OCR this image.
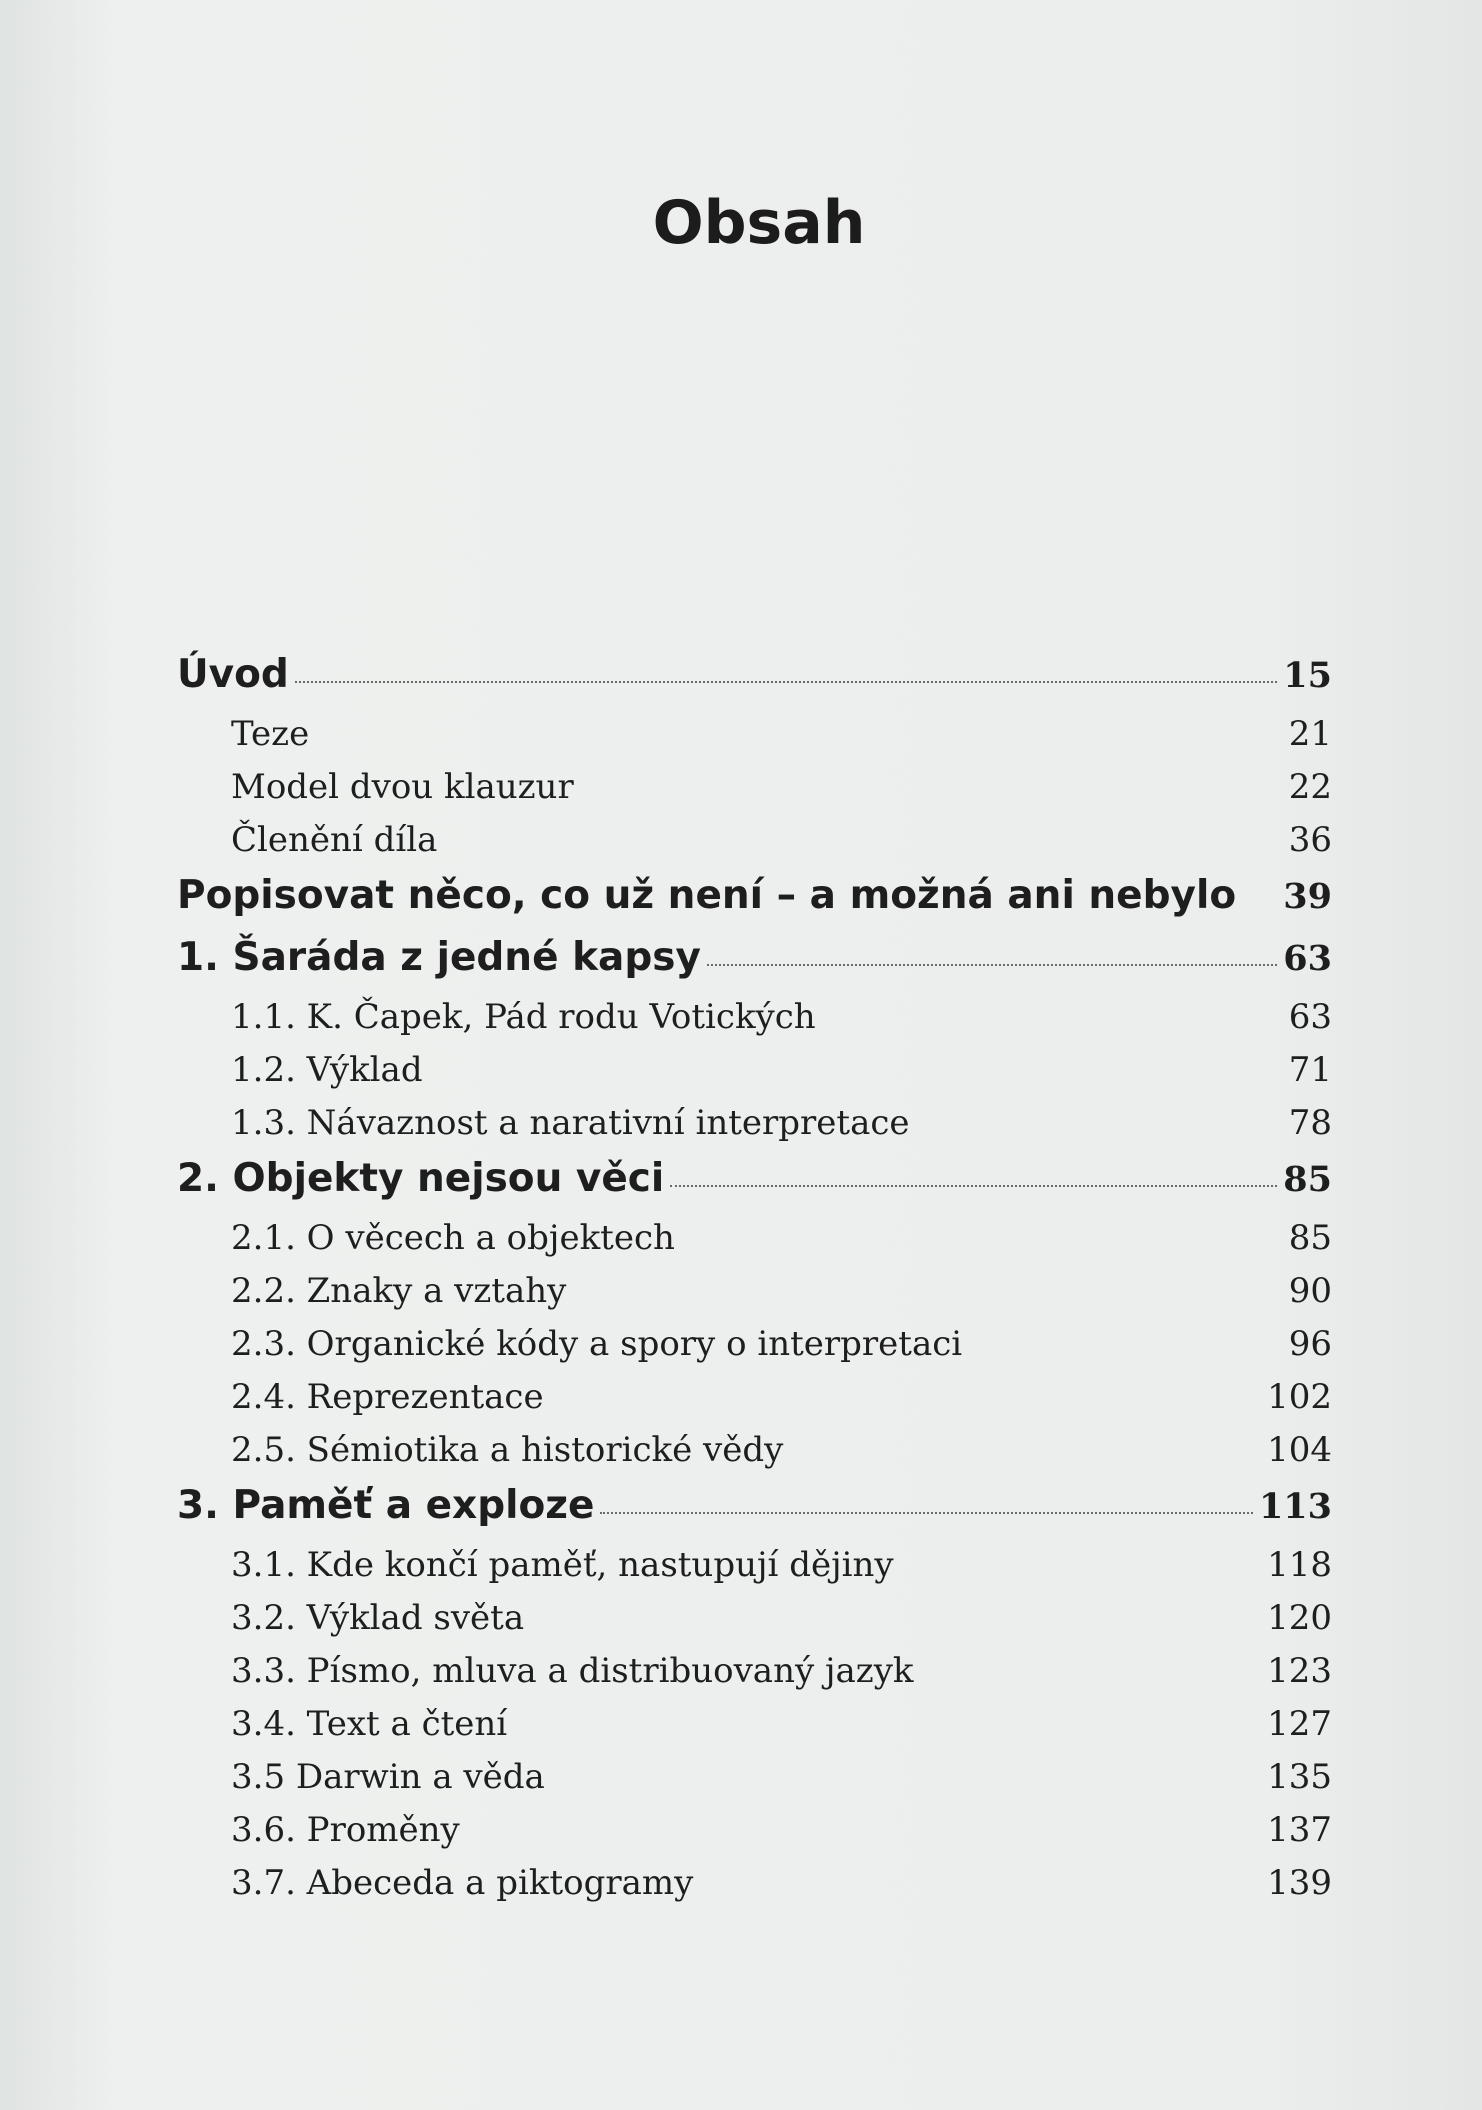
Obsah
Úvod	15
Teze	21
Model dvou klauzur	22
Členění díla	36
Popisovat něco, co už není – a možná ani nebylo 39
1. Šaráda z jedné kapsy	63
1.1. K. Čapek, Pád rodu Votických	63
1.2. Výklad	71
1.3. Návaznost a narativní interpretace	78
2. Objekty nejsou věci	85
2.1. O věcech a objektech	85
2.2. Znaky a vztahy	90
2.3. Organické kódy a spory o interpretaci	96
2.4. Reprezentace	102
2.5. Sémiotika a historické vědy	104
3. Paměť a exploze	113
3.1. Kde končí paměť, nastupují dějiny	118
3.2. Výklad světa	120
3.3. Písmo, mluva a distribuovaný jazyk	123
3.4. Text a čtení	127
3.5 Darwin a věda	135
3.6. Proměny	137
3.7. Abeceda a piktogramy	139
